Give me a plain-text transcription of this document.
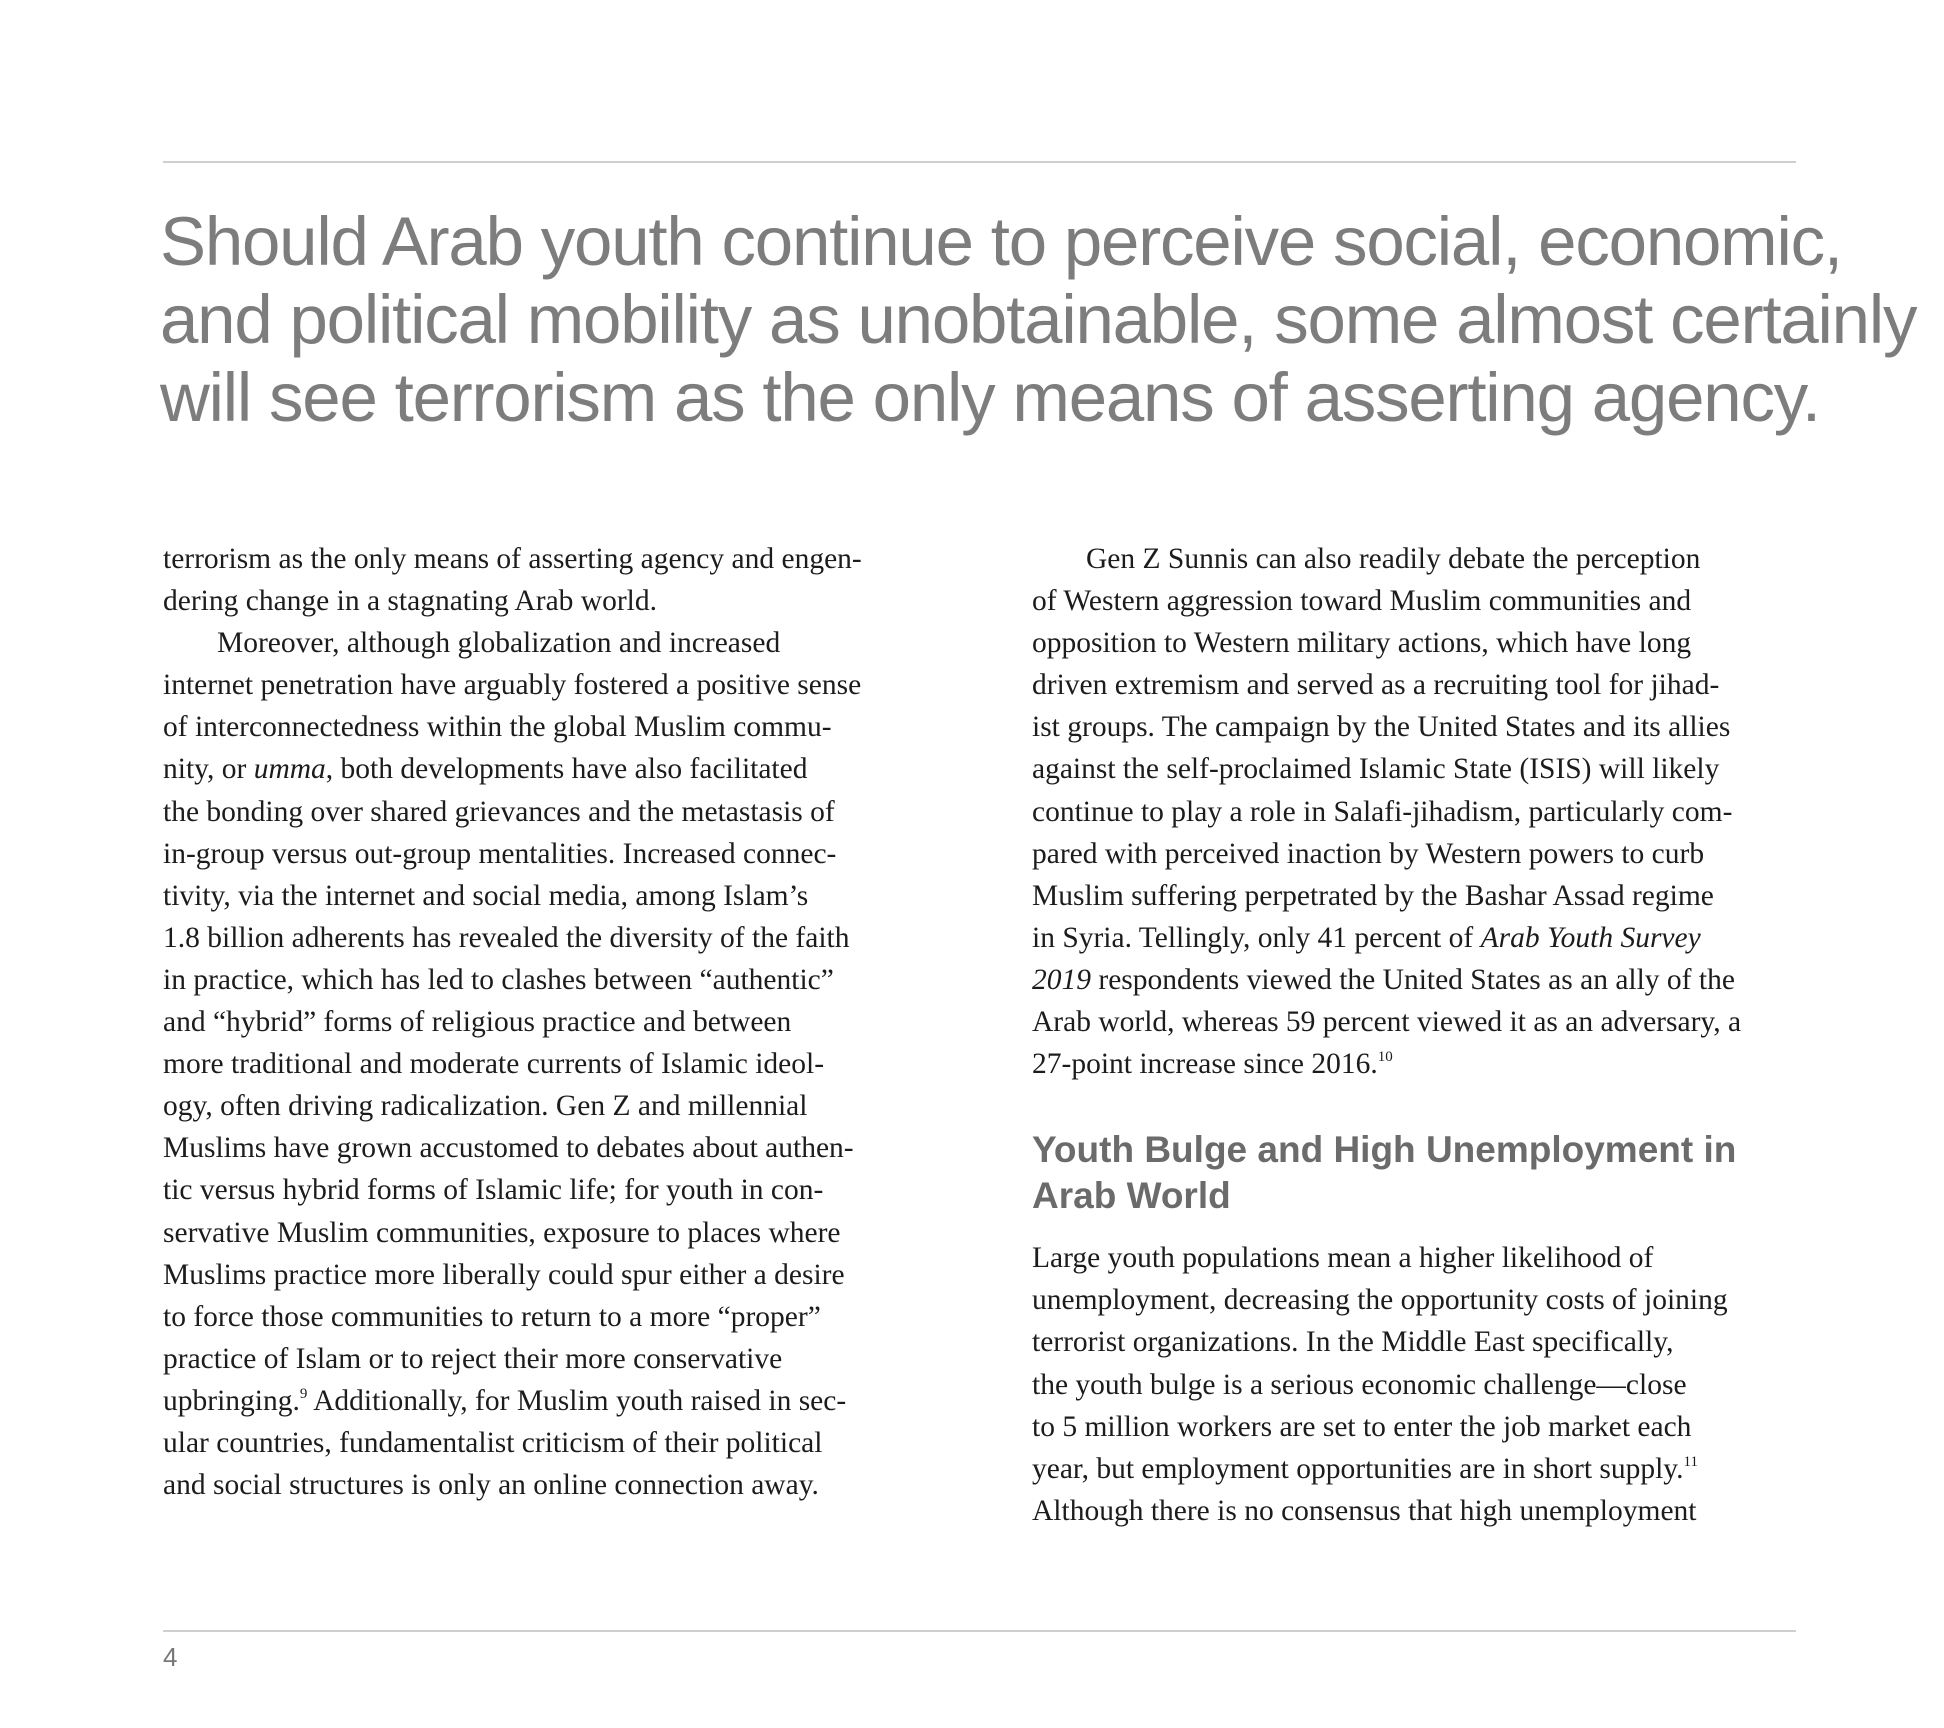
Should Arab youth continue to perceive social, economic,
and political mobility as unobtainable, some almost certainly
will see terrorism as the only means of asserting agency.
terrorism as the only means of asserting agency and engen-
dering change in a stagnating Arab world.
Moreover, although globalization and increased
internet penetration have arguably fostered a positive sense
of interconnectedness within the global Muslim commu-
nity, or umma, both developments have also facilitated
the bonding over shared grievances and the metastasis of
in-group versus out-group mentalities. Increased connec-
tivity, via the internet and social media, among Islam’s
1.8 billion adherents has revealed the diversity of the faith
in practice, which has led to clashes between “authentic”
and “hybrid” forms of religious practice and between
more traditional and moderate currents of Islamic ideol-
ogy, often driving radicalization. Gen Z and millennial
Muslims have grown accustomed to debates about authen-
tic versus hybrid forms of Islamic life; for youth in con-
servative Muslim communities, exposure to places where
Muslims practice more liberally could spur either a desire
to force those communities to return to a more “proper”
practice of Islam or to reject their more conservative
upbringing.$^9$ Additionally, for Muslim youth raised in sec-
ular countries, fundamentalist criticism of their political
and social structures is only an online connection away.
Gen Z Sunnis can also readily debate the perception
of Western aggression toward Muslim communities and
opposition to Western military actions, which have long
driven extremism and served as a recruiting tool for jihad-
ist groups. The campaign by the United States and its allies
against the self-proclaimed Islamic State (ISIS) will likely
continue to play a role in Salafi-jihadism, particularly com-
pared with perceived inaction by Western powers to curb
Muslim suffering perpetrated by the Bashar Assad regime
in Syria. Tellingly, only 41 percent of Arab Youth Survey
2019 respondents viewed the United States as an ally of the
Arab world, whereas 59 percent viewed it as an adversary, a
27-point increase since 2016.10
Youth Bulge and High Unemployment in
Arab World
Large youth populations mean a higher likelihood of
unemployment, decreasing the opportunity costs of joining
terrorist organizations. In the Middle East specifically,
the youth bulge is a serious economic challenge—close
to 5 million workers are set to enter the job market each
year, but employment opportunities are in short supply.$^{11}$
Although there is no consensus that high unemployment
4
